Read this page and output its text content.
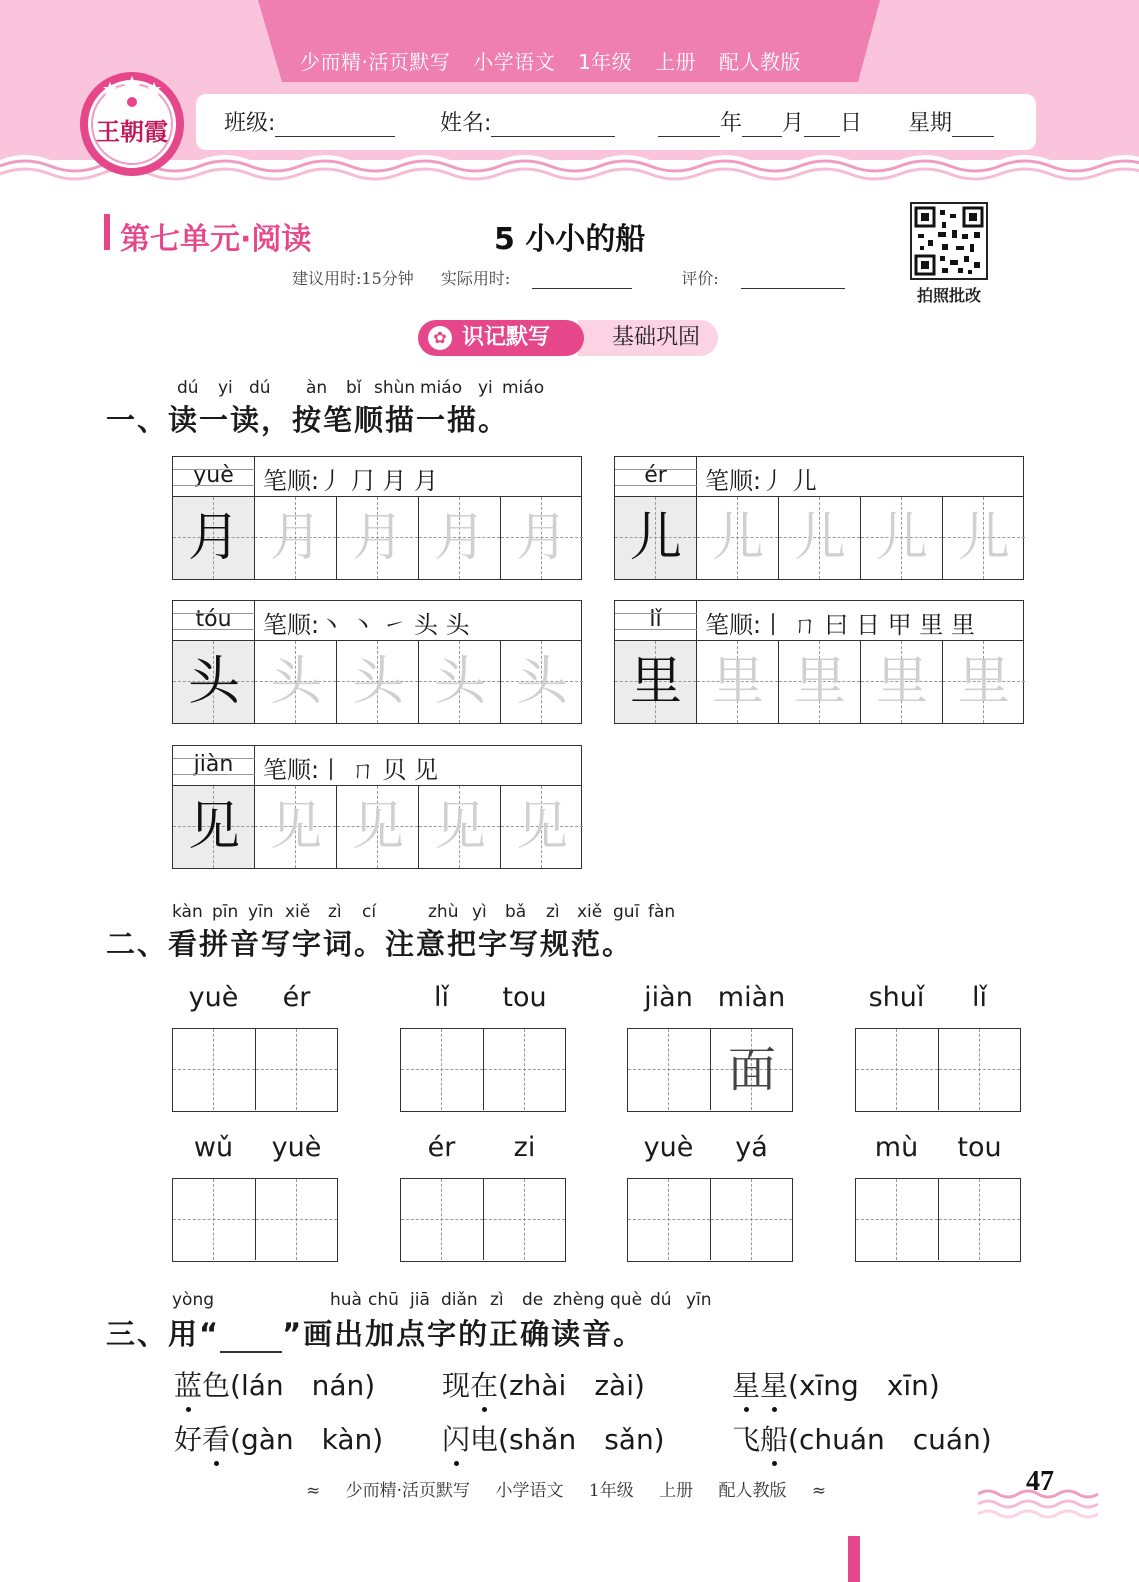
少而精·活页默写 小学语文 1年级 上册 配人教版
王朝霞	班级:	姓名:	年 月 日 星期
第七单元·阅读	5 小小的船
建议用时:15分钟 实际用时:	评价:
拍照批改
基础巩固
✿ 识记默写
dú yi dú àn bǐ shùn miáo yi miáo
一、读一读，按笔顺描一描。
yuè	笔顺:丿 ⺆ 月 月
月 月 月 月 月
ér	笔顺:丿 儿
儿 儿 儿 儿 儿
tóu	笔顺:丶 丶 ㇀ 头 头
头 头 头 头 头
lǐ	笔顺:丨 ㄇ 曰 日 甲 里 里
里 里 里 里 里
jiàn	笔顺:丨 ㄇ 贝 见
见 见 见 见 见
kàn pīn yīn xiě zì cí	zhù yì bǎ zì xiě guī fàn
二、看拼音写字词。注意把字写规范。
yuè	ér	lǐ	tou	jiàn miàn
面
shuǐ	lǐ
wǔ	yuè	ér	zi	yuè	yá	mù	tou
yòng	huà chū jiā diǎn zì de zhèng què dú yīn
三、用“ ”画出加点字的正确读音。
蓝色(lán　nán) 现在(zhài　zài)	星星(xīng　xīn)
好看(gàn　kàn) 闪电(shǎn　sǎn) 飞船(chuán　cuán)
≈ 少而精·活页默写 小学语文 1年级 上册 配人教版 ≈	47
